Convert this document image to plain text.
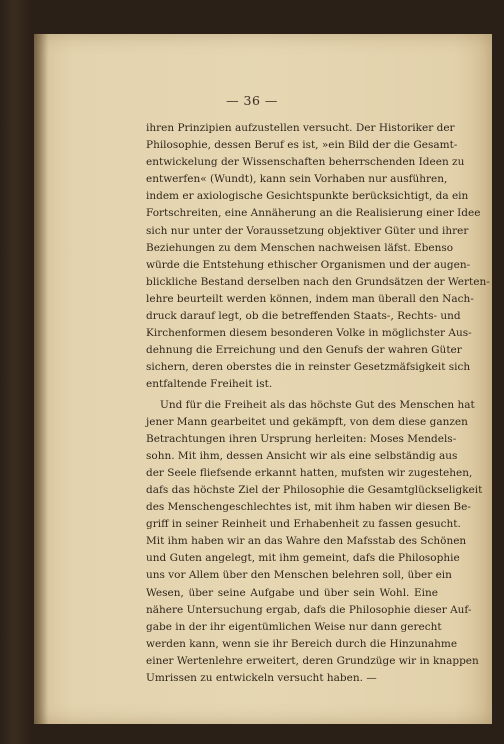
— 36 —
ihren Prinzipien aufzustellen versucht. Der Historiker der
Philosophie, dessen Beruf es ist, »ein Bild der die Gesamt-
entwickelung der Wissenschaften beherrschenden Ideen zu
entwerfen« (Wundt), kann sein Vorhaben nur ausführen,
indem er axiologische Gesichtspunkte berücksichtigt, da ein
Fortschreiten, eine Annäherung an die Realisierung einer Idee
sich nur unter der Voraussetzung objektiver Güter und ihrer
Beziehungen zu dem Menschen nachweisen läfst. Ebenso
würde die Entstehung ethischer Organismen und der augen-
blickliche Bestand derselben nach den Grundsätzen der Werten-
lehre beurteilt werden können, indem man überall den Nach-
druck darauf legt, ob die betreffenden Staats-, Rechts- und
Kirchenformen diesem besonderen Volke in möglichster Aus-
dehnung die Erreichung und den Genufs der wahren Güter
sichern, deren oberstes die in reinster Gesetzmäfsigkeit sich
entfaltende Freiheit ist.
Und für die Freiheit als das höchste Gut des Menschen hat
jener Mann gearbeitet und gekämpft, von dem diese ganzen
Betrachtungen ihren Ursprung herleiten: Moses Mendels-
sohn. Mit ihm, dessen Ansicht wir als eine selbständig aus
der Seele fliefsende erkannt hatten, mufsten wir zugestehen,
dafs das höchste Ziel der Philosophie die Gesamtglückseligkeit
des Menschengeschlechtes ist, mit ihm haben wir diesen Be-
griff in seiner Reinheit und Erhabenheit zu fassen gesucht.
Mit ihm haben wir an das Wahre den Mafsstab des Schönen
und Guten angelegt, mit ihm gemeint, dafs die Philosophie
uns vor Allem über den Menschen belehren soll, über ein
Wesen, über seine Aufgabe und über sein Wohl. Eine
nähere Untersuchung ergab, dafs die Philosophie dieser Auf-
gabe in der ihr eigentümlichen Weise nur dann gerecht
werden kann, wenn sie ihr Bereich durch die Hinzunahme
einer Wertenlehre erweitert, deren Grundzüge wir in knappen
Umrissen zu entwickeln versucht haben. —
